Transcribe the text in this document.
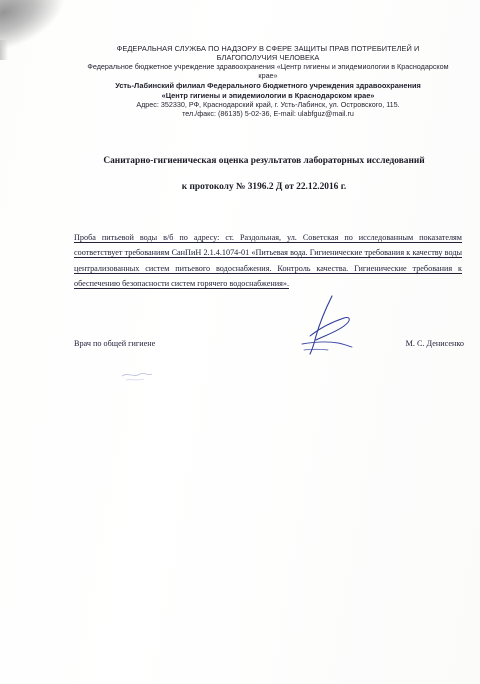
ФЕДЕРАЛЬНАЯ СЛУЖБА ПО НАДЗОРУ В СФЕРЕ ЗАЩИТЫ ПРАВ ПОТРЕБИТЕЛЕЙ И
БЛАГОПОЛУЧИЯ ЧЕЛОВЕКА
Федеральное бюджетное учреждение здравоохранения «Центр гигиены и эпидемиологии в Краснодарском
крае»
Усть-Лабинский филиал Федерального бюджетного учреждения здравоохранения
«Центр гигиены и эпидемиологии в Краснодарском крае»
Адрес: 352330, РФ, Краснодарский край, г. Усть-Лабинск, ул. Островского, 115.
тел./факс: (86135) 5-02-36, E-mail: ulabfguz@mail.ru
Санитарно-гигиеническая оценка результатов лабораторных исследований
к протоколу № 3196.2 Д от 22.12.2016 г.
Проба питьевой воды в/б по адресу: ст. Раздольная, ул. Советская по исследованным показателям соответствует требованиям СанПиН 2.1.4.1074-01 «Питьевая вода. Гигиенические требования к качеству воды централизованных систем питьевого водоснабжения. Контроль качества. Гигиенические требования к обеспечению безопасности систем горячего водоснабжения».
Врач по общей гигиене	М. С. Денисенко
